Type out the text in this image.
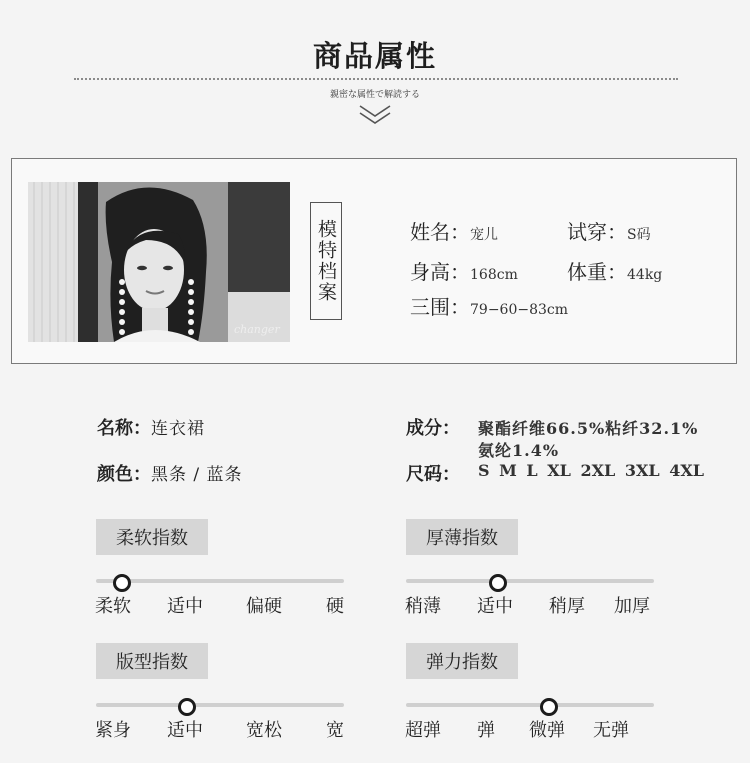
商品属性
親密な属性で解読する
changer
模特档案	姓名：宠儿	试穿：S码
身高：168cm 体重：44kg
三围：79−60−83cm
名称：连衣裙
颜色：黑条 / 蓝条
成分： 聚酯纤维66.5%粘纤32.1%
氨纶1.4%
尺码： S M L XL 2XL 3XL 4XL
柔软指数
柔软 适中 偏硬 硬
厚薄指数
稍薄 适中 稍厚 加厚
版型指数
紧身 适中 宽松 宽
弹力指数
超弹 弹 微弹 无弹
